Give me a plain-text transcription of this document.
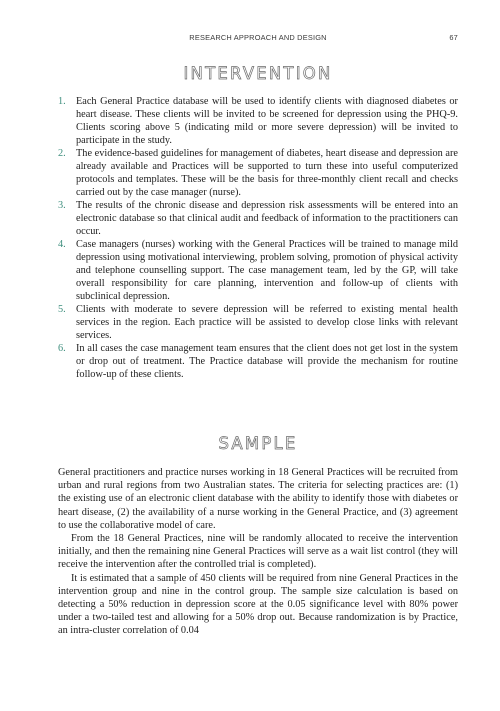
RESEARCH APPROACH AND DESIGN	67
INTERVENTION
1. Each General Practice database will be used to identify clients with diagnosed diabetes or heart disease. These clients will be invited to be screened for depression using the PHQ-9. Clients scoring above 5 (indicating mild or more severe depression) will be invited to participate in the study.
2. The evidence-based guidelines for management of diabetes, heart disease and depression are already available and Practices will be supported to turn these into useful computerized protocols and templates. These will be the basis for three-monthly client recall and checks carried out by the case manager (nurse).
3. The results of the chronic disease and depression risk assessments will be entered into an electronic database so that clinical audit and feedback of information to the practitioners can occur.
4. Case managers (nurses) working with the General Practices will be trained to manage mild depression using motivational interviewing, problem solving, promotion of physical activity and telephone counselling support. The case management team, led by the GP, will take overall responsibility for care planning, intervention and follow-up of clients with subclinical depression.
5. Clients with moderate to severe depression will be referred to existing mental health services in the region. Each practice will be assisted to develop close links with relevant services.
6. In all cases the case management team ensures that the client does not get lost in the system or drop out of treatment. The Practice database will provide the mechanism for routine follow-up of these clients.
SAMPLE

General practitioners and practice nurses working in 18 General Practices will be recruited from urban and rural regions from two Australian states. The criteria for selecting practices are: (1) the existing use of an electronic client database with the ability to identify those with diabetes or heart disease, (2) the availability of a nurse working in the General Practice, and (3) agreement to use the collaborative model of care.

From the 18 General Practices, nine will be randomly allocated to receive the intervention initially, and then the remaining nine General Practices will serve as a wait list control (they will receive the intervention after the controlled trial is completed).

It is estimated that a sample of 450 clients will be required from nine General Practices in the intervention group and nine in the control group. The sample size calculation is based on detecting a 50% reduction in depression score at the 0.05 significance level with 80% power under a two-tailed test and allowing for a 50% drop out. Because randomization is by Practice, an intra-cluster correlation of 0.04
